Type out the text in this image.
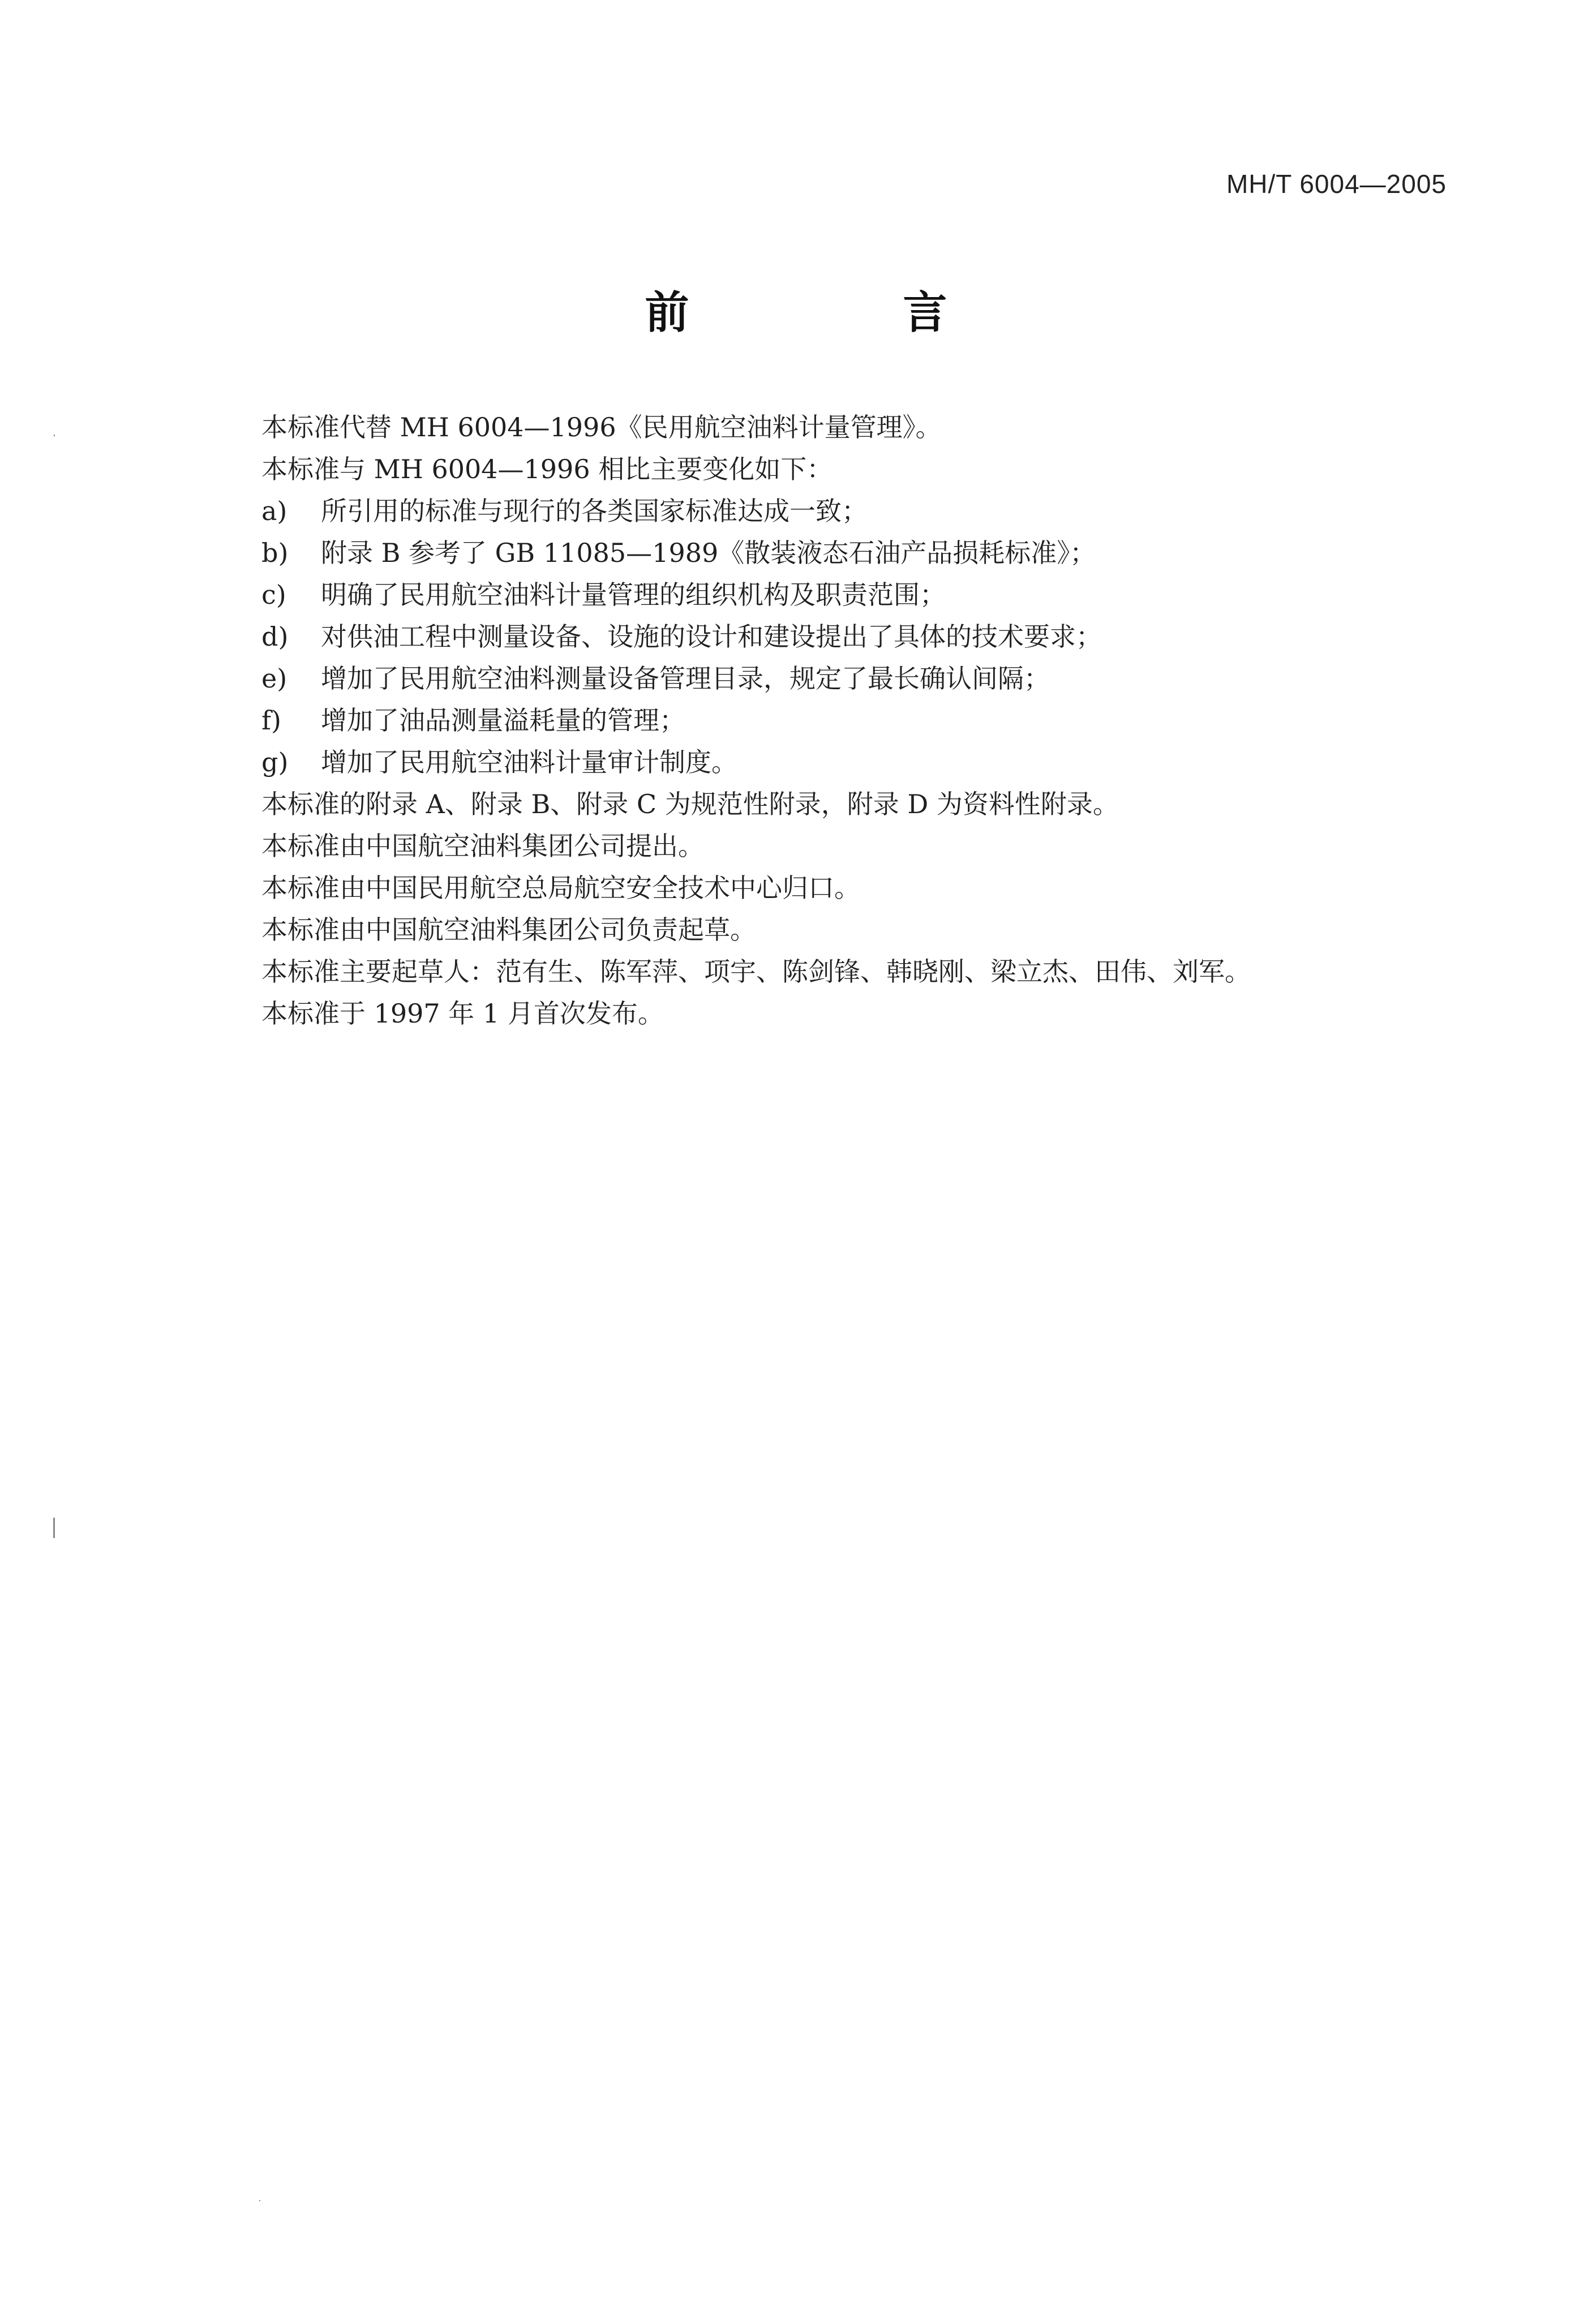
MH/T 6004—2005
前　言

本标准代替 MH 6004—1996《民用航空油料计量管理》。

本标准与 MH 6004—1996 相比主要变化如下：

a)	所引用的标准与现行的各类国家标准达成一致；
b)	附录 B 参考了 GB 11085—1989《散装液态石油产品损耗标准》；
c)	明确了民用航空油料计量管理的组织机构及职责范围；
d)	对供油工程中测量设备、设施的设计和建设提出了具体的技术要求；
e)	增加了民用航空油料测量设备管理目录，规定了最长确认间隔；
f)	增加了油品测量溢耗量的管理；
g)	增加了民用航空油料计量审计制度。

本标准的附录 A、附录 B、附录 C 为规范性附录，附录 D 为资料性附录。

本标准由中国航空油料集团公司提出。

本标准由中国民用航空总局航空安全技术中心归口。

本标准由中国航空油料集团公司负责起草。

本标准主要起草人：范有生、陈军萍、项宇、陈剑锋、韩晓刚、梁立杰、田伟、刘军。

本标准于 1997 年 1 月首次发布。
